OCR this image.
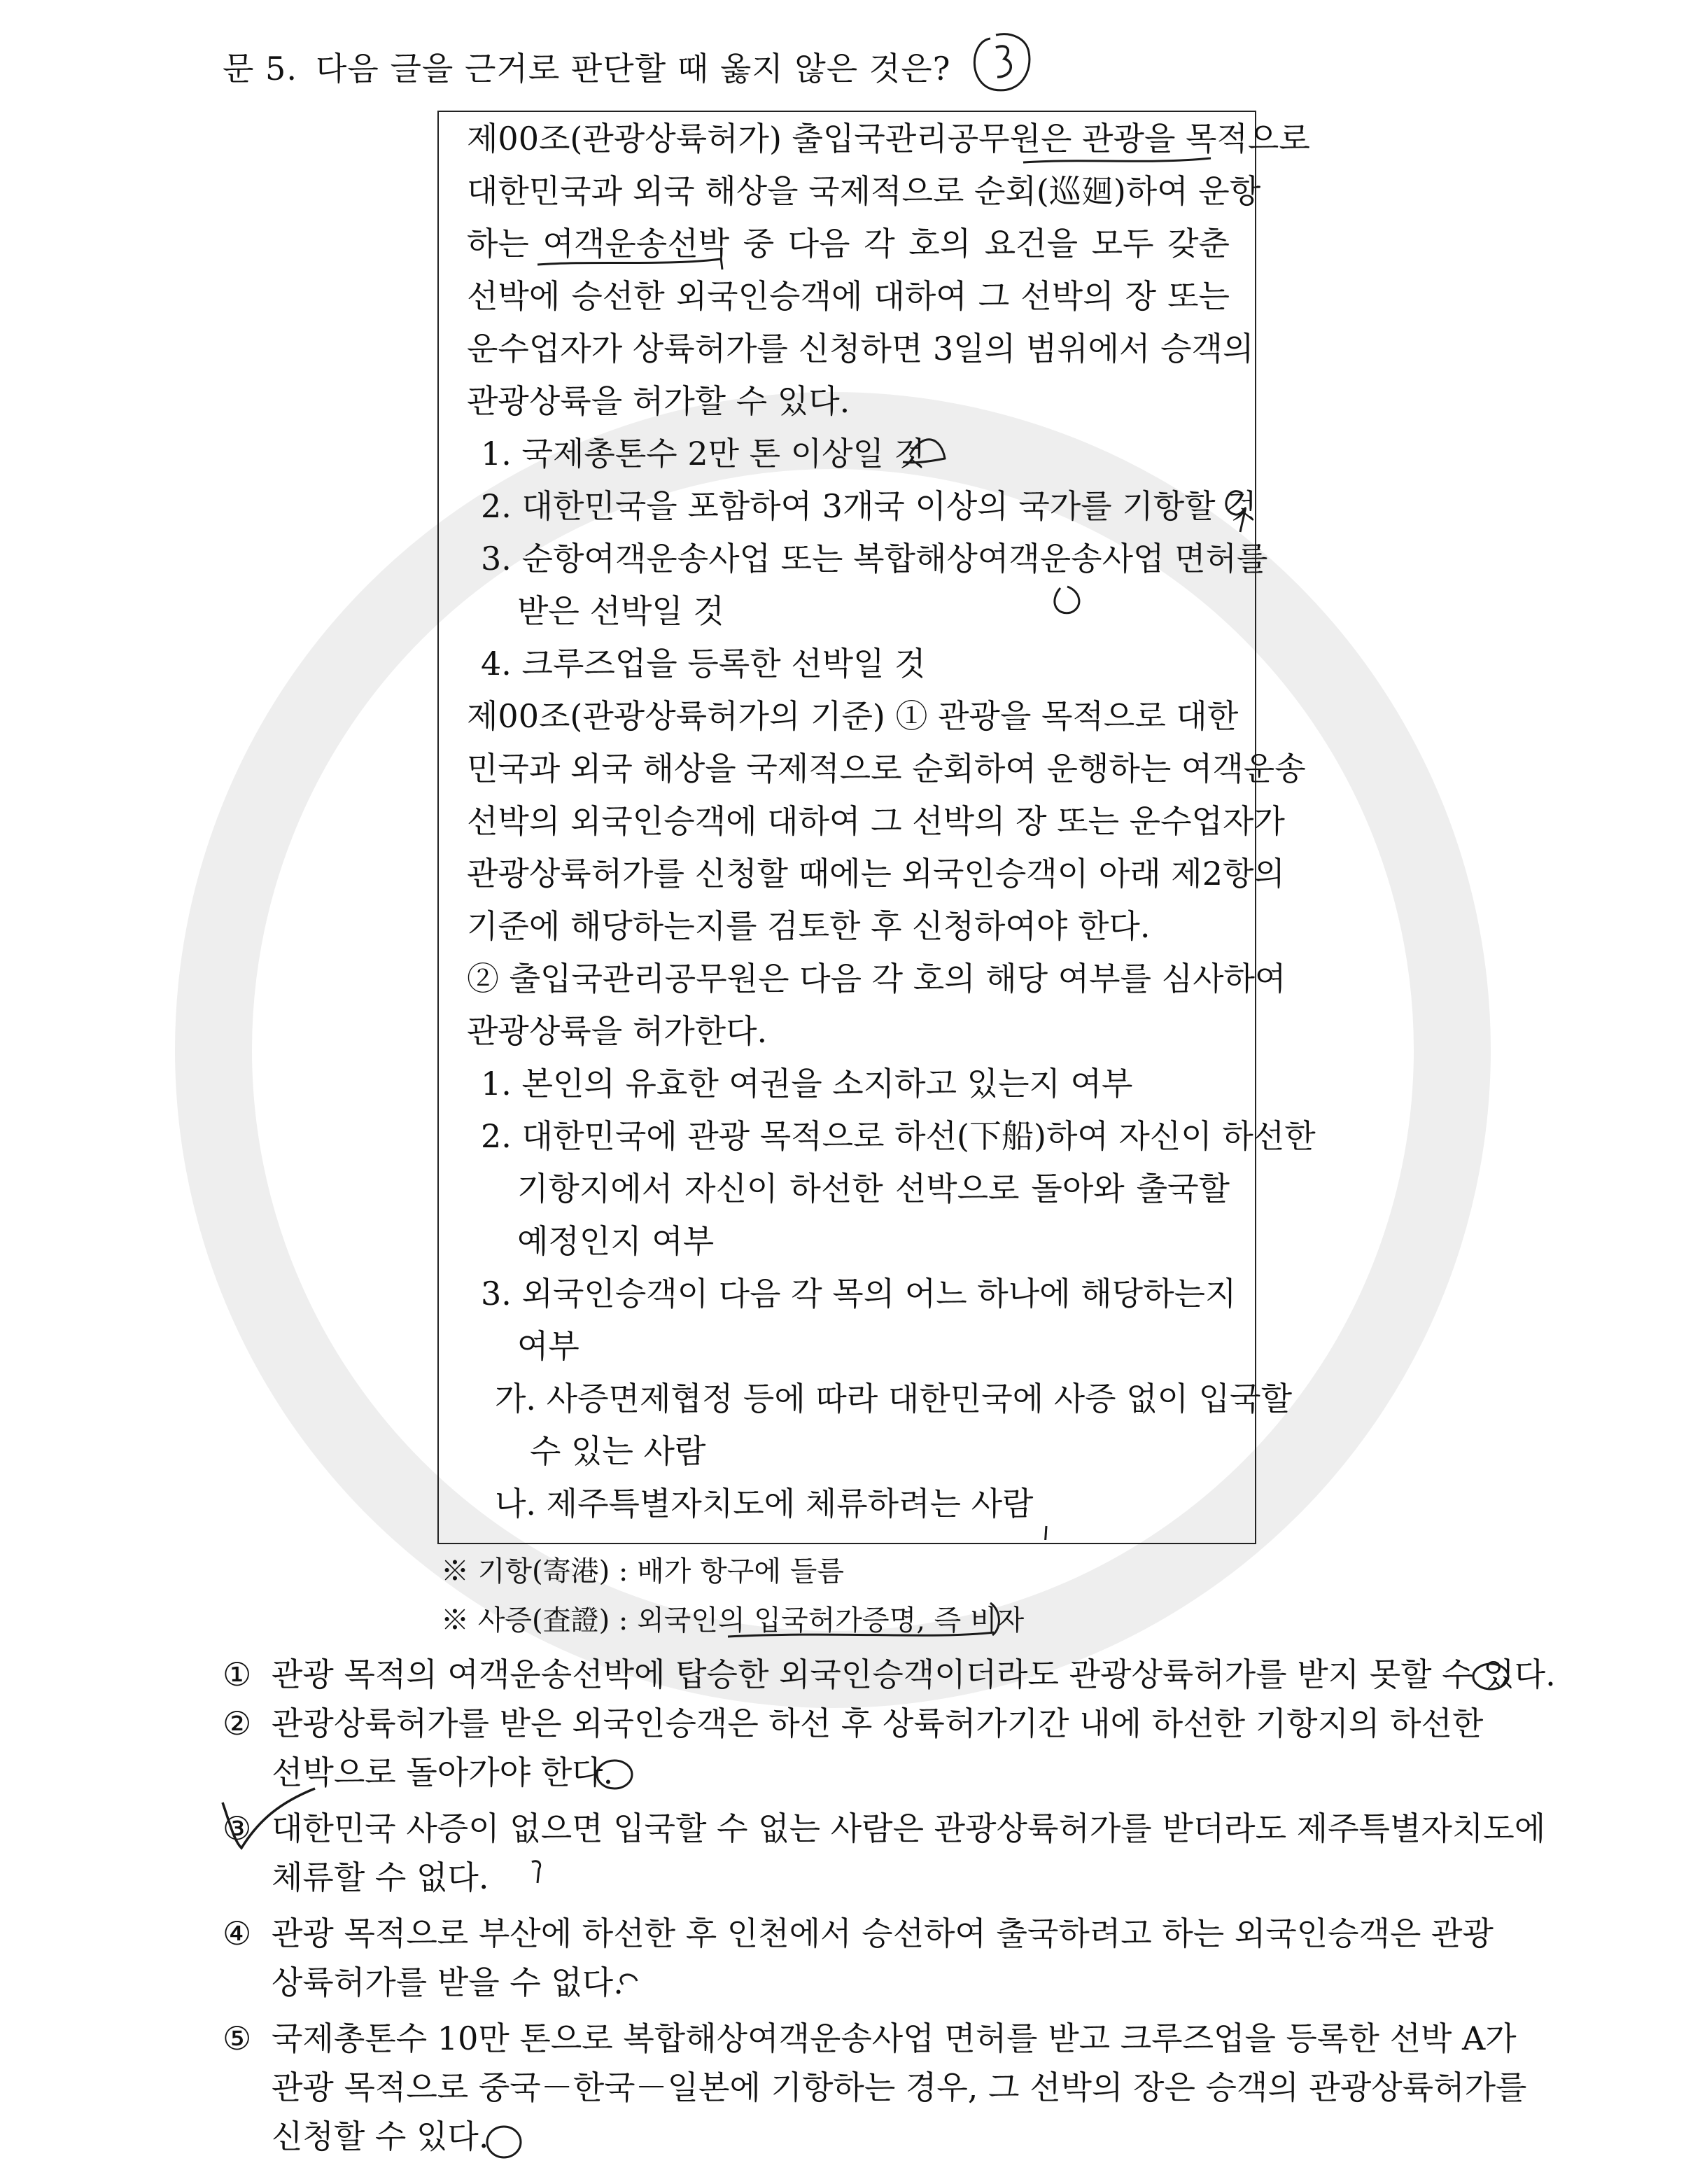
문 5. 다음 글을 근거로 판단할 때 옳지 않은 것은?
제00조(관광상륙허가) 출입국관리공무원은 관광을 목적으로
대한민국과 외국 해상을 국제적으로 순회(巡廻)하여 운항
하는 여객운송선박 중 다음 각 호의 요건을 모두 갖춘
선박에 승선한 외국인승객에 대하여 그 선박의 장 또는
운수업자가 상륙허가를 신청하면 3일의 범위에서 승객의
관광상륙을 허가할 수 있다.
1. 국제총톤수 2만 톤 이상일 것
2. 대한민국을 포함하여 3개국 이상의 국가를 기항할 것
3. 순항여객운송사업 또는 복합해상여객운송사업 면허를
받은 선박일 것
4. 크루즈업을 등록한 선박일 것
제00조(관광상륙허가의 기준) ① 관광을 목적으로 대한
민국과 외국 해상을 국제적으로 순회하여 운행하는 여객운송
선박의 외국인승객에 대하여 그 선박의 장 또는 운수업자가
관광상륙허가를 신청할 때에는 외국인승객이 아래 제2항의
기준에 해당하는지를 검토한 후 신청하여야 한다.
② 출입국관리공무원은 다음 각 호의 해당 여부를 심사하여
관광상륙을 허가한다.
1. 본인의 유효한 여권을 소지하고 있는지 여부
2. 대한민국에 관광 목적으로 하선(下船)하여 자신이 하선한
기항지에서 자신이 하선한 선박으로 돌아와 출국할
예정인지 여부
3. 외국인승객이 다음 각 목의 어느 하나에 해당하는지
여부
가. 사증면제협정 등에 따라 대한민국에 사증 없이 입국할
수 있는 사람
나. 제주특별자치도에 체류하려는 사람
※ 기항(寄港) : 배가 항구에 들름
※ 사증(査證) : 외국인의 입국허가증명, 즉 비자
① 관광 목적의 여객운송선박에 탑승한 외국인승객이더라도 관광상륙허가를 받지 못할 수 있다.
② 관광상륙허가를 받은 외국인승객은 하선 후 상륙허가기간 내에 하선한 기항지의 하선한
선박으로 돌아가야 한다.
③ 대한민국 사증이 없으면 입국할 수 없는 사람은 관광상륙허가를 받더라도 제주특별자치도에
체류할 수 없다.
④ 관광 목적으로 부산에 하선한 후 인천에서 승선하여 출국하려고 하는 외국인승객은 관광
상륙허가를 받을 수 없다.
⑤ 국제총톤수 10만 톤으로 복합해상여객운송사업 면허를 받고 크루즈업을 등록한 선박 A가
관광 목적으로 중국－한국－일본에 기항하는 경우, 그 선박의 장은 승객의 관광상륙허가를
신청할 수 있다.
